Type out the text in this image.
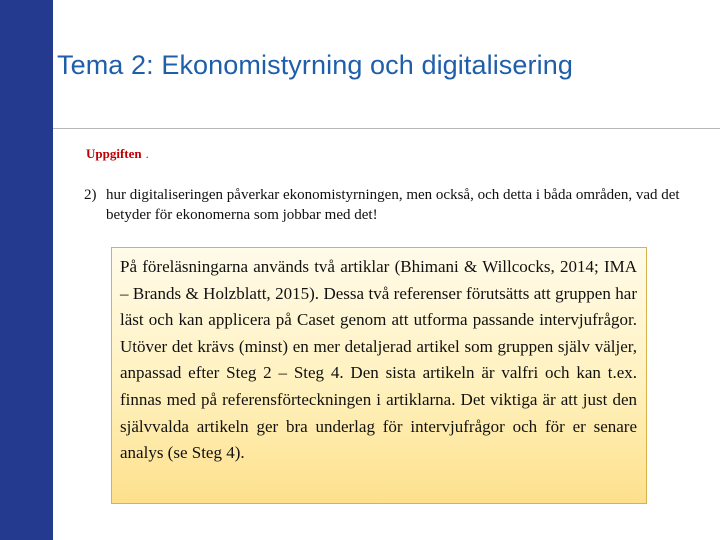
Tema 2: Ekonomistyrning och digitalisering
Uppgiften .
2) hur digitaliseringen påverkar ekonomistyrningen, men också, och detta i båda områden, vad det betyder för ekonomerna som jobbar med det!

På föreläsningarna används två artiklar (Bhimani & Willcocks, 2014; IMA – Brands & Holzblatt, 2015). Dessa två referenser förutsätts att gruppen har läst och kan applicera på Caset genom att utforma passande intervjufrågor. Utöver det krävs (minst) en mer detaljerad artikel som gruppen själv väljer, anpassad efter Steg 2 – Steg 4. Den sista artikeln är valfri och kan t.ex. finnas med på referensförteckningen i artiklarna. Det viktiga är att just den självvalda artikeln ger bra underlag för intervjufrågor och för er senare analys (se Steg 4).
